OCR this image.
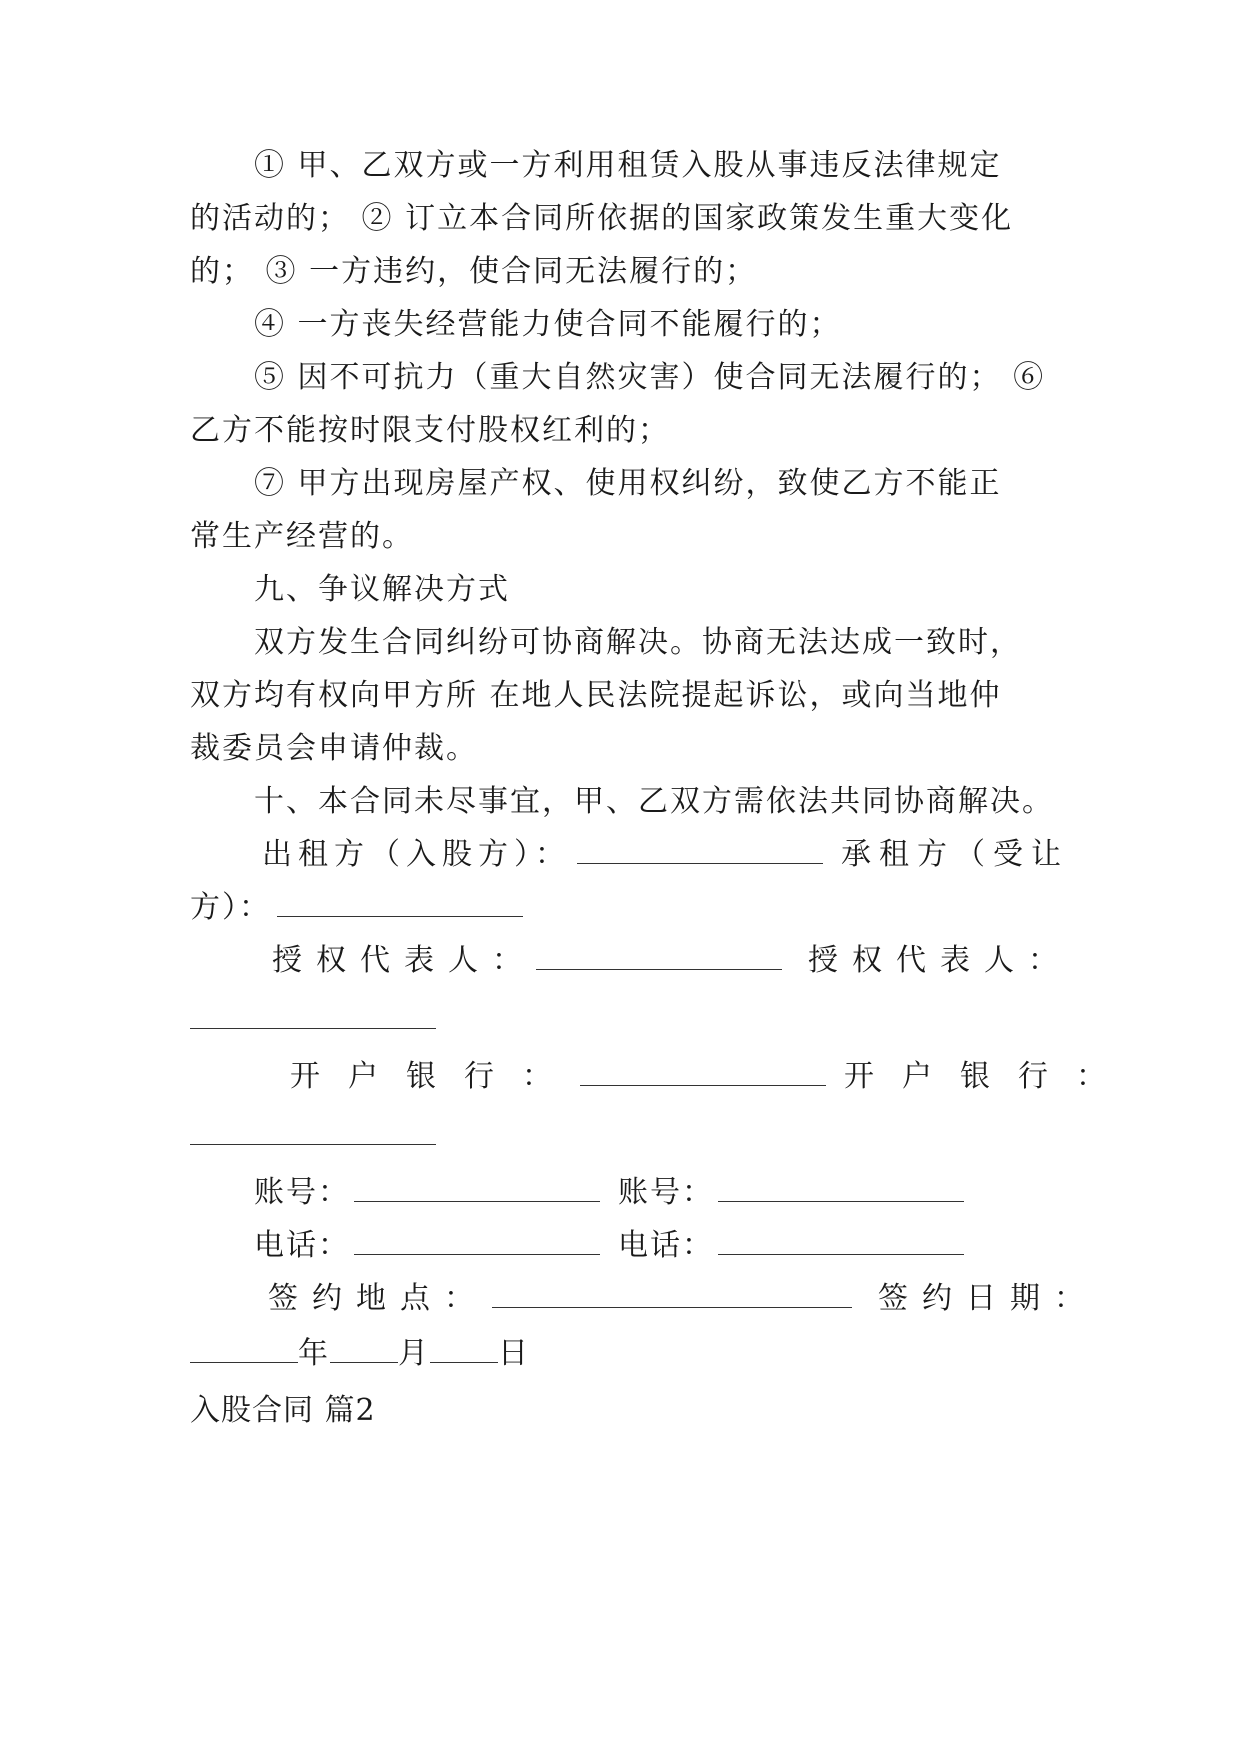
① 甲、乙双方或一方利用租赁入股从事违反法律规定
的活动的； ② 订立本合同所依据的国家政策发生重大变化
的； ③ 一方违约，使合同无法履行的；
④ 一方丧失经营能力使合同不能履行的；
⑤ 因不可抗力（重大自然灾害）使合同无法履行的； ⑥
乙方不能按时限支付股权红利的；
⑦ 甲方出现房屋产权、使用权纠纷，致使乙方不能正
常生产经营的。
九、争议解决方式
双方发生合同纠纷可协商解决。协商无法达成一致时，
双方均有权向甲方所 在地人民法院提起诉讼，或向当地仲
裁委员会申请仲裁。
十、本合同未尽事宜，甲、乙双方需依法共同协商解决。
出租方（入股方）：	承租方（受让
方）：
授权代表人：	授权代表人：
开户银行：	开户银行：
账号：	账号：
电话：	电话：
签约地点：	签约日期：
年 月 日
入股合同 篇2
